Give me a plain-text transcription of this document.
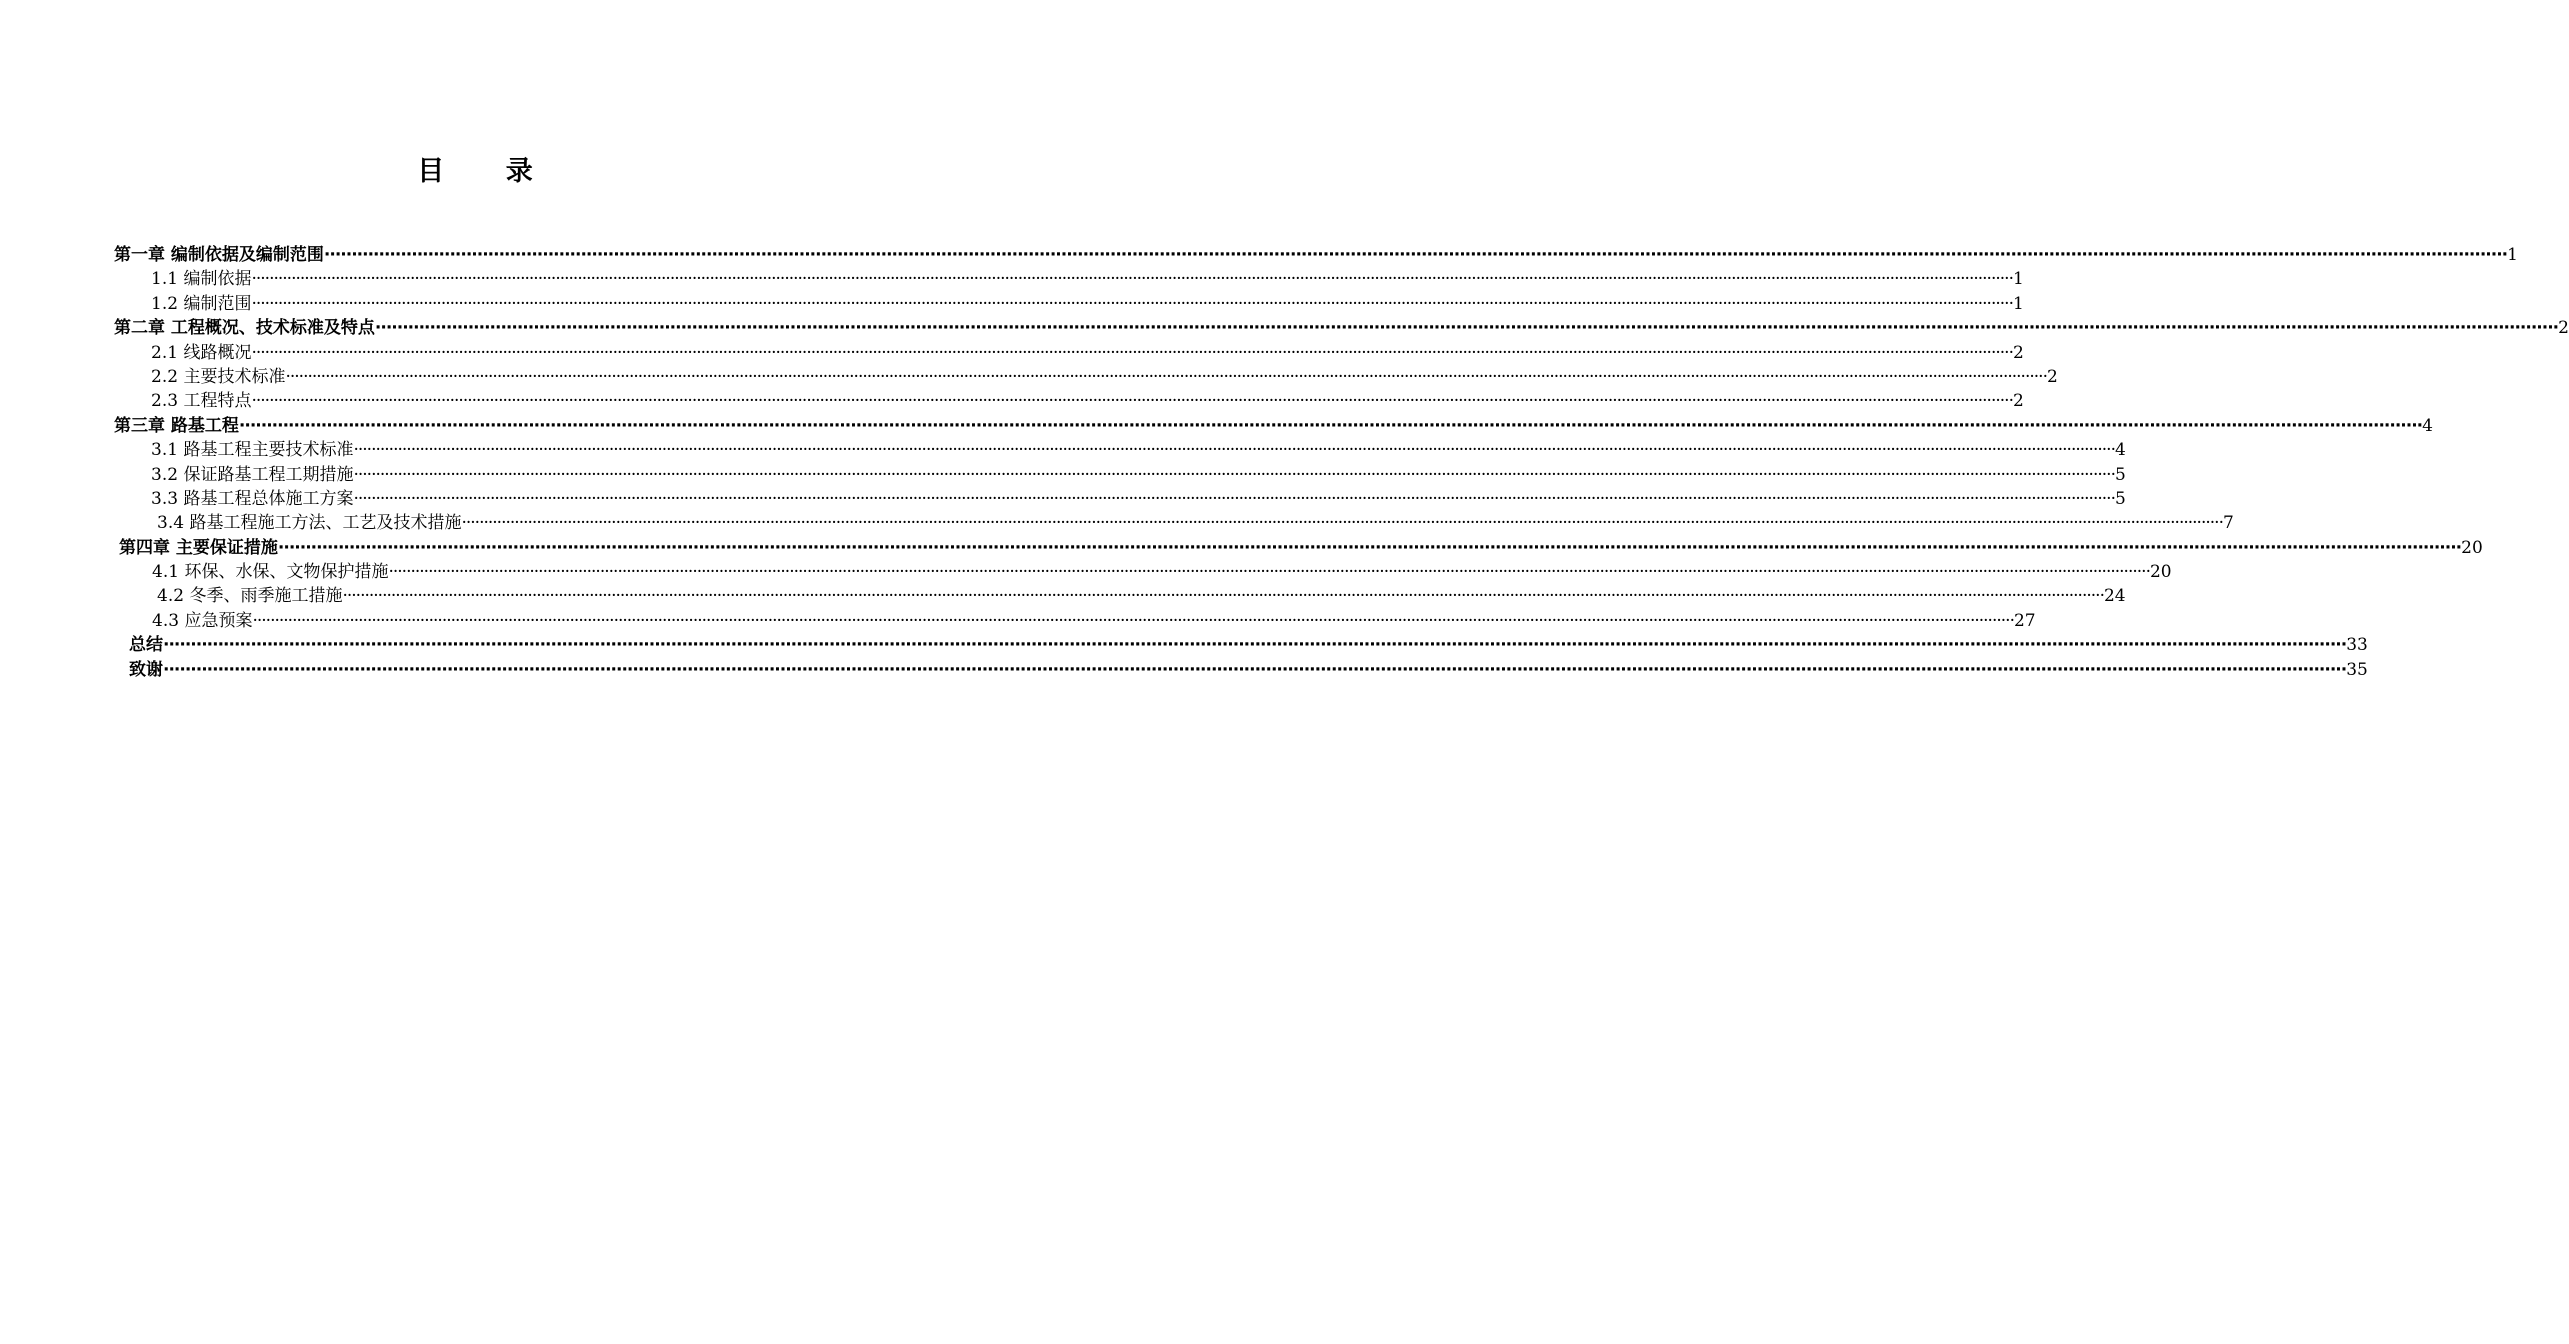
目 录
第一章 编制依据及编制范围 ················································································································································································································································································································································································································ 1
1.1 编制依据 ················································································································································································································································································································································································································ 1
1.2 编制范围 ················································································································································································································································································································································································································ 1
第二章 工程概况、技术标准及特点 ················································································································································································································································································································································································································ 2
2.1 线路概况 ················································································································································································································································································································································································································ 2
2.2 主要技术标准 ················································································································································································································································································································································································································ 2
2.3 工程特点 ················································································································································································································································································································································································································ 2
第三章 路基工程 ················································································································································································································································································································································································································ 4
3.1 路基工程主要技术标准 ················································································································································································································································································································································································································ 4
3.2 保证路基工程工期措施 ················································································································································································································································································································································································································ 5
3.3 路基工程总体施工方案 ················································································································································································································································································································································································································ 5
3.4 路基工程施工方法、工艺及技术措施 ················································································································································································································································································································································································································ 7
第四章 主要保证措施 ················································································································································································································································································································································································································ 20
4.1 环保、水保、文物保护措施 ················································································································································································································································································································································································································ 20
4.2 冬季、雨季施工措施 ················································································································································································································································································································································································································ 24
4.3 应急预案 ················································································································································································································································································································································································································ 27
总结 ················································································································································································································································································································································································································ 33
致谢 ················································································································································································································································································································································································································ 35
